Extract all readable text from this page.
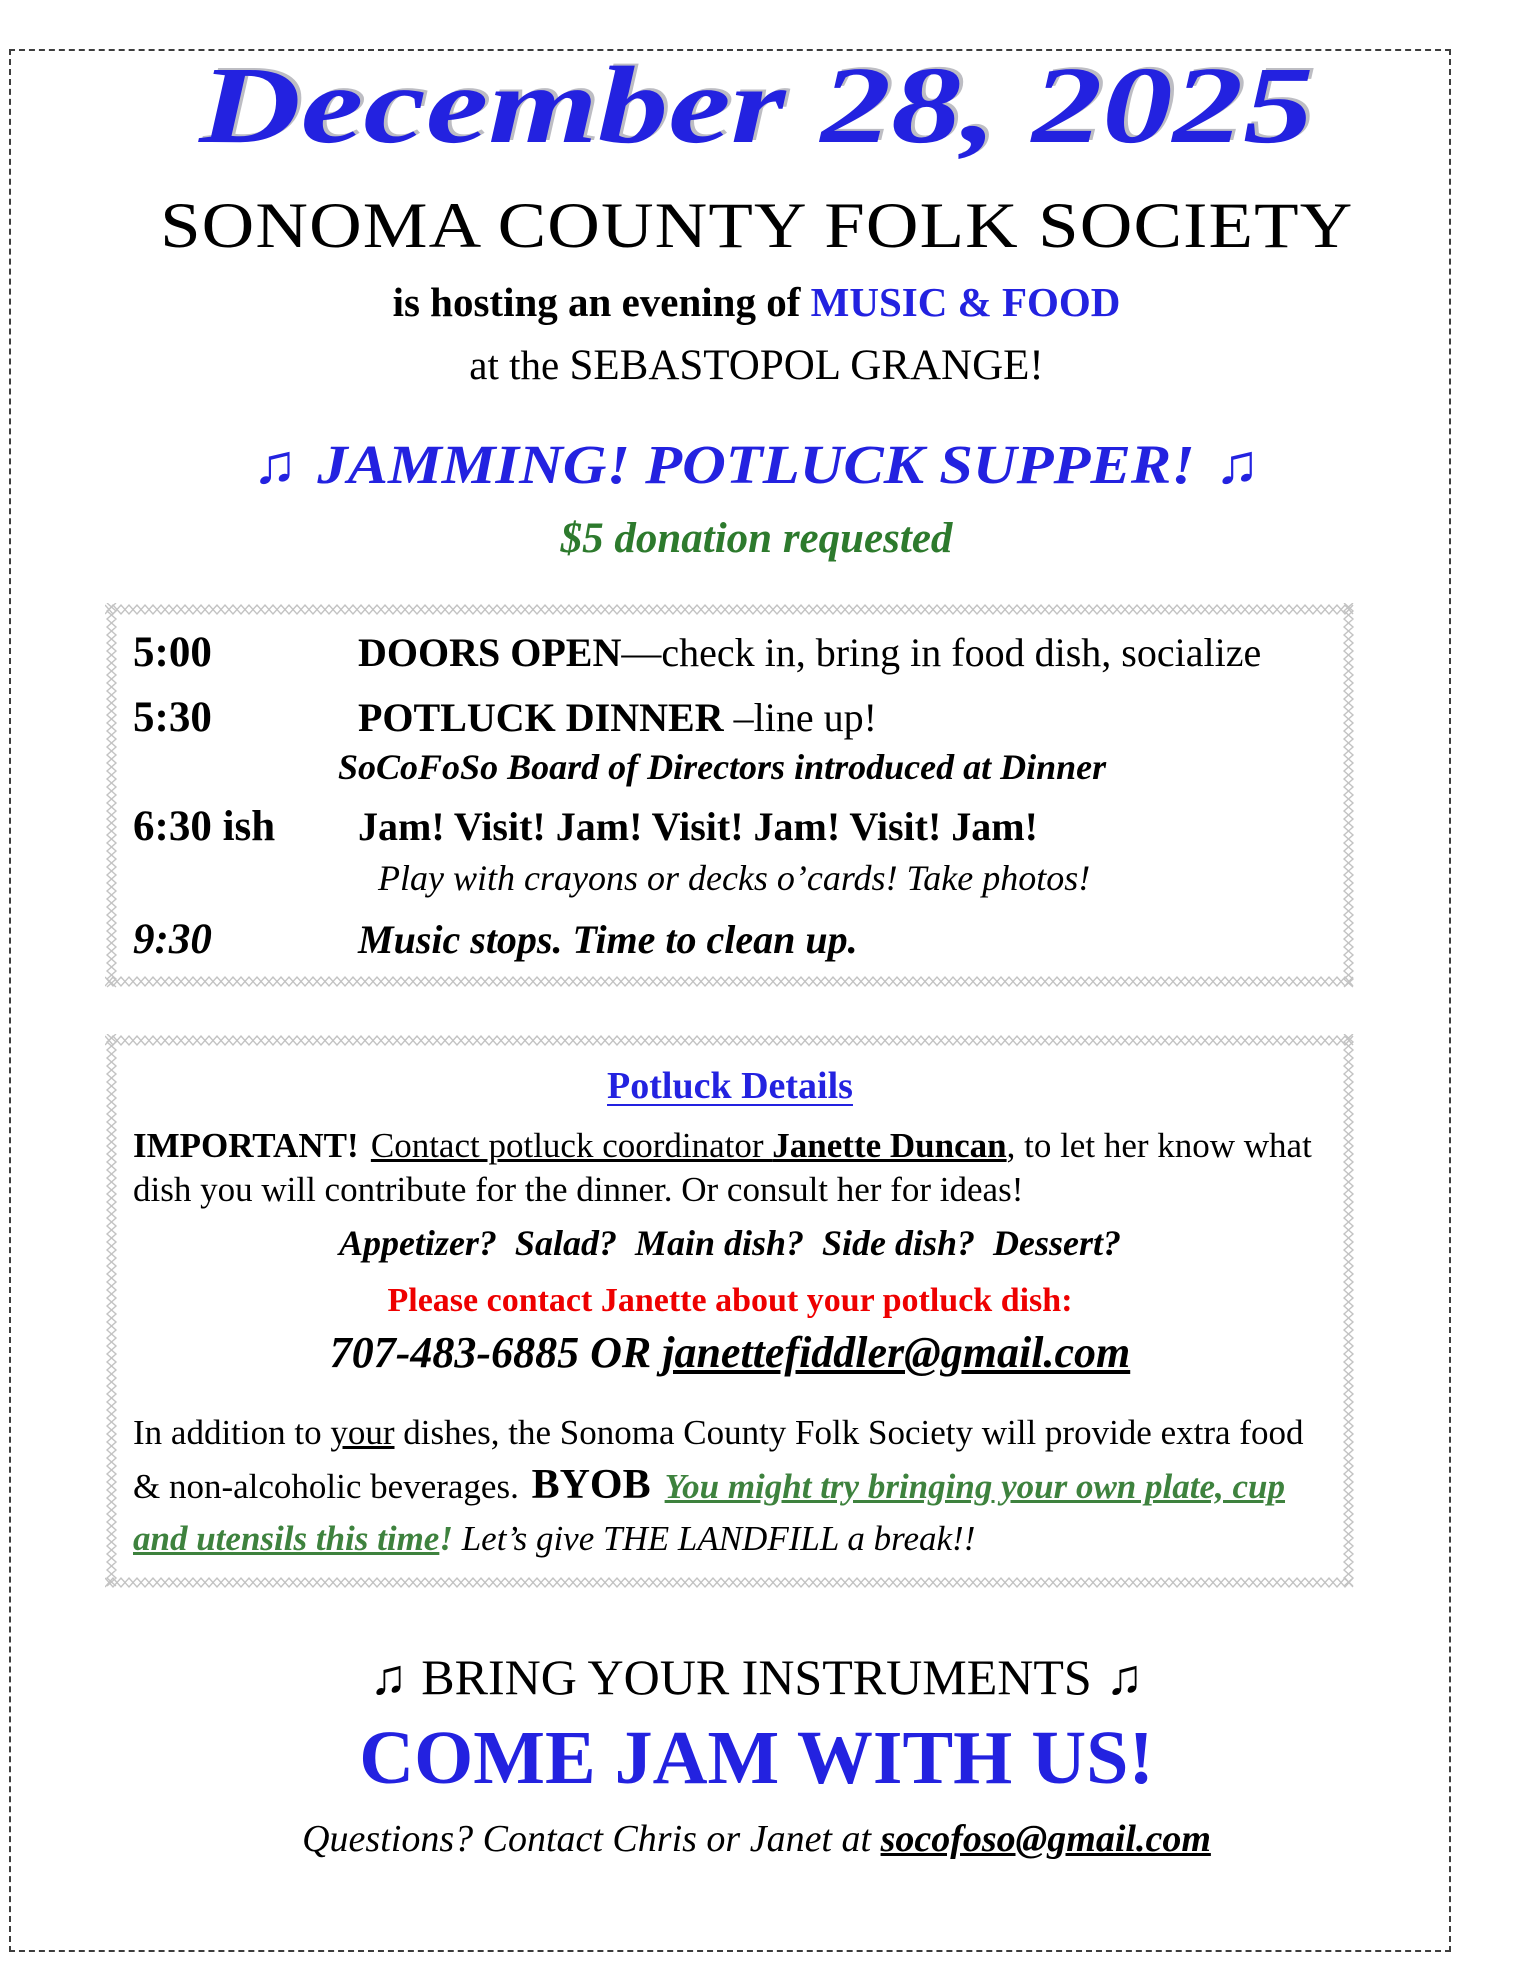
December 28, 2025
SONOMA COUNTY FOLK SOCIETY

is hosting an evening of MUSIC & FOOD

at the SEBASTOPOL GRANGE!

♫ JAMMING! POTLUCK SUPPER! ♫

$5 donation requested

5:00	DOORS OPEN—check in, bring in food dish, socialize
5:30	POTLUCK DINNER –line up!

SoCoFoSo Board of Directors introduced at Dinner

6:30 ish	Jam! Visit! Jam! Visit! Jam! Visit! Jam!

Play with crayons or decks o’cards! Take photos!

9:30	Music stops. Time to clean up.

Potluck Details

IMPORTANT! Contact potluck coordinator Janette Duncan, to let her know what dish you will contribute for the dinner. Or consult her for ideas!

Appetizer?  Salad?  Main dish?  Side dish?  Dessert?

Please contact Janette about your potluck dish:

707-483-6885 OR janettefiddler@gmail.com

In addition to your dishes, the Sonoma County Folk Society will provide extra food & non-alcoholic beverages. BYOB You might try bringing your own plate, cup and utensils this time! Let’s give THE LANDFILL a break!!

♫ BRING YOUR INSTRUMENTS ♫

COME JAM WITH US!

Questions? Contact Chris or Janet at socofoso@gmail.com
